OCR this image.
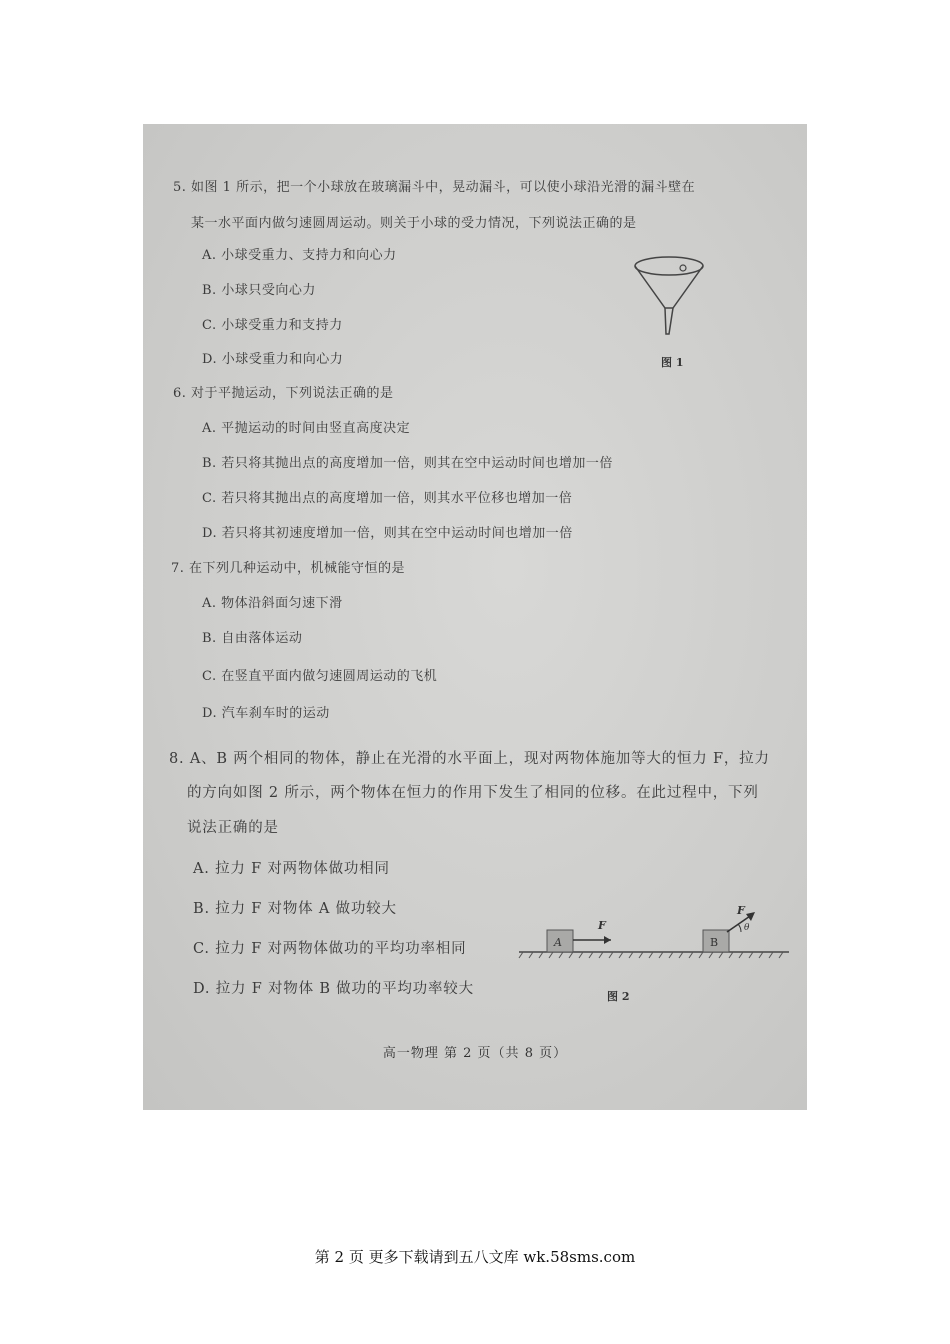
5. 如图 1 所示，把一个小球放在玻璃漏斗中，晃动漏斗，可以使小球沿光滑的漏斗壁在
某一水平面内做匀速圆周运动。则关于小球的受力情况，下列说法正确的是
A. 小球受重力、支持力和向心力
B. 小球只受向心力
C. 小球受重力和支持力
D. 小球受重力和向心力	图 1
6. 对于平抛运动，下列说法正确的是
A. 平抛运动的时间由竖直高度决定
B. 若只将其抛出点的高度增加一倍，则其在空中运动时间也增加一倍
C. 若只将其抛出点的高度增加一倍，则其水平位移也增加一倍
D. 若只将其初速度增加一倍，则其在空中运动时间也增加一倍
7. 在下列几种运动中，机械能守恒的是
A. 物体沿斜面匀速下滑
B. 自由落体运动
C. 在竖直平面内做匀速圆周运动的飞机
D. 汽车刹车时的运动
8. A、B 两个相同的物体，静止在光滑的水平面上，现对两物体施加等大的恒力 F，拉力
的方向如图 2 所示，两个物体在恒力的作用下发生了相同的位移。在此过程中，下列
说法正确的是
A. 拉力 F 对两物体做功相同
B. 拉力 F 对物体 A 做功较大
C. 拉力 F 对两物体做功的平均功率相同
D. 拉力 F 对物体 B 做功的平均功率较大
A
F
B
F
θ
图 2
高一物理 第 2 页（共 8 页）
第 2 页 更多下载请到五八文库 wk.58sms.com
